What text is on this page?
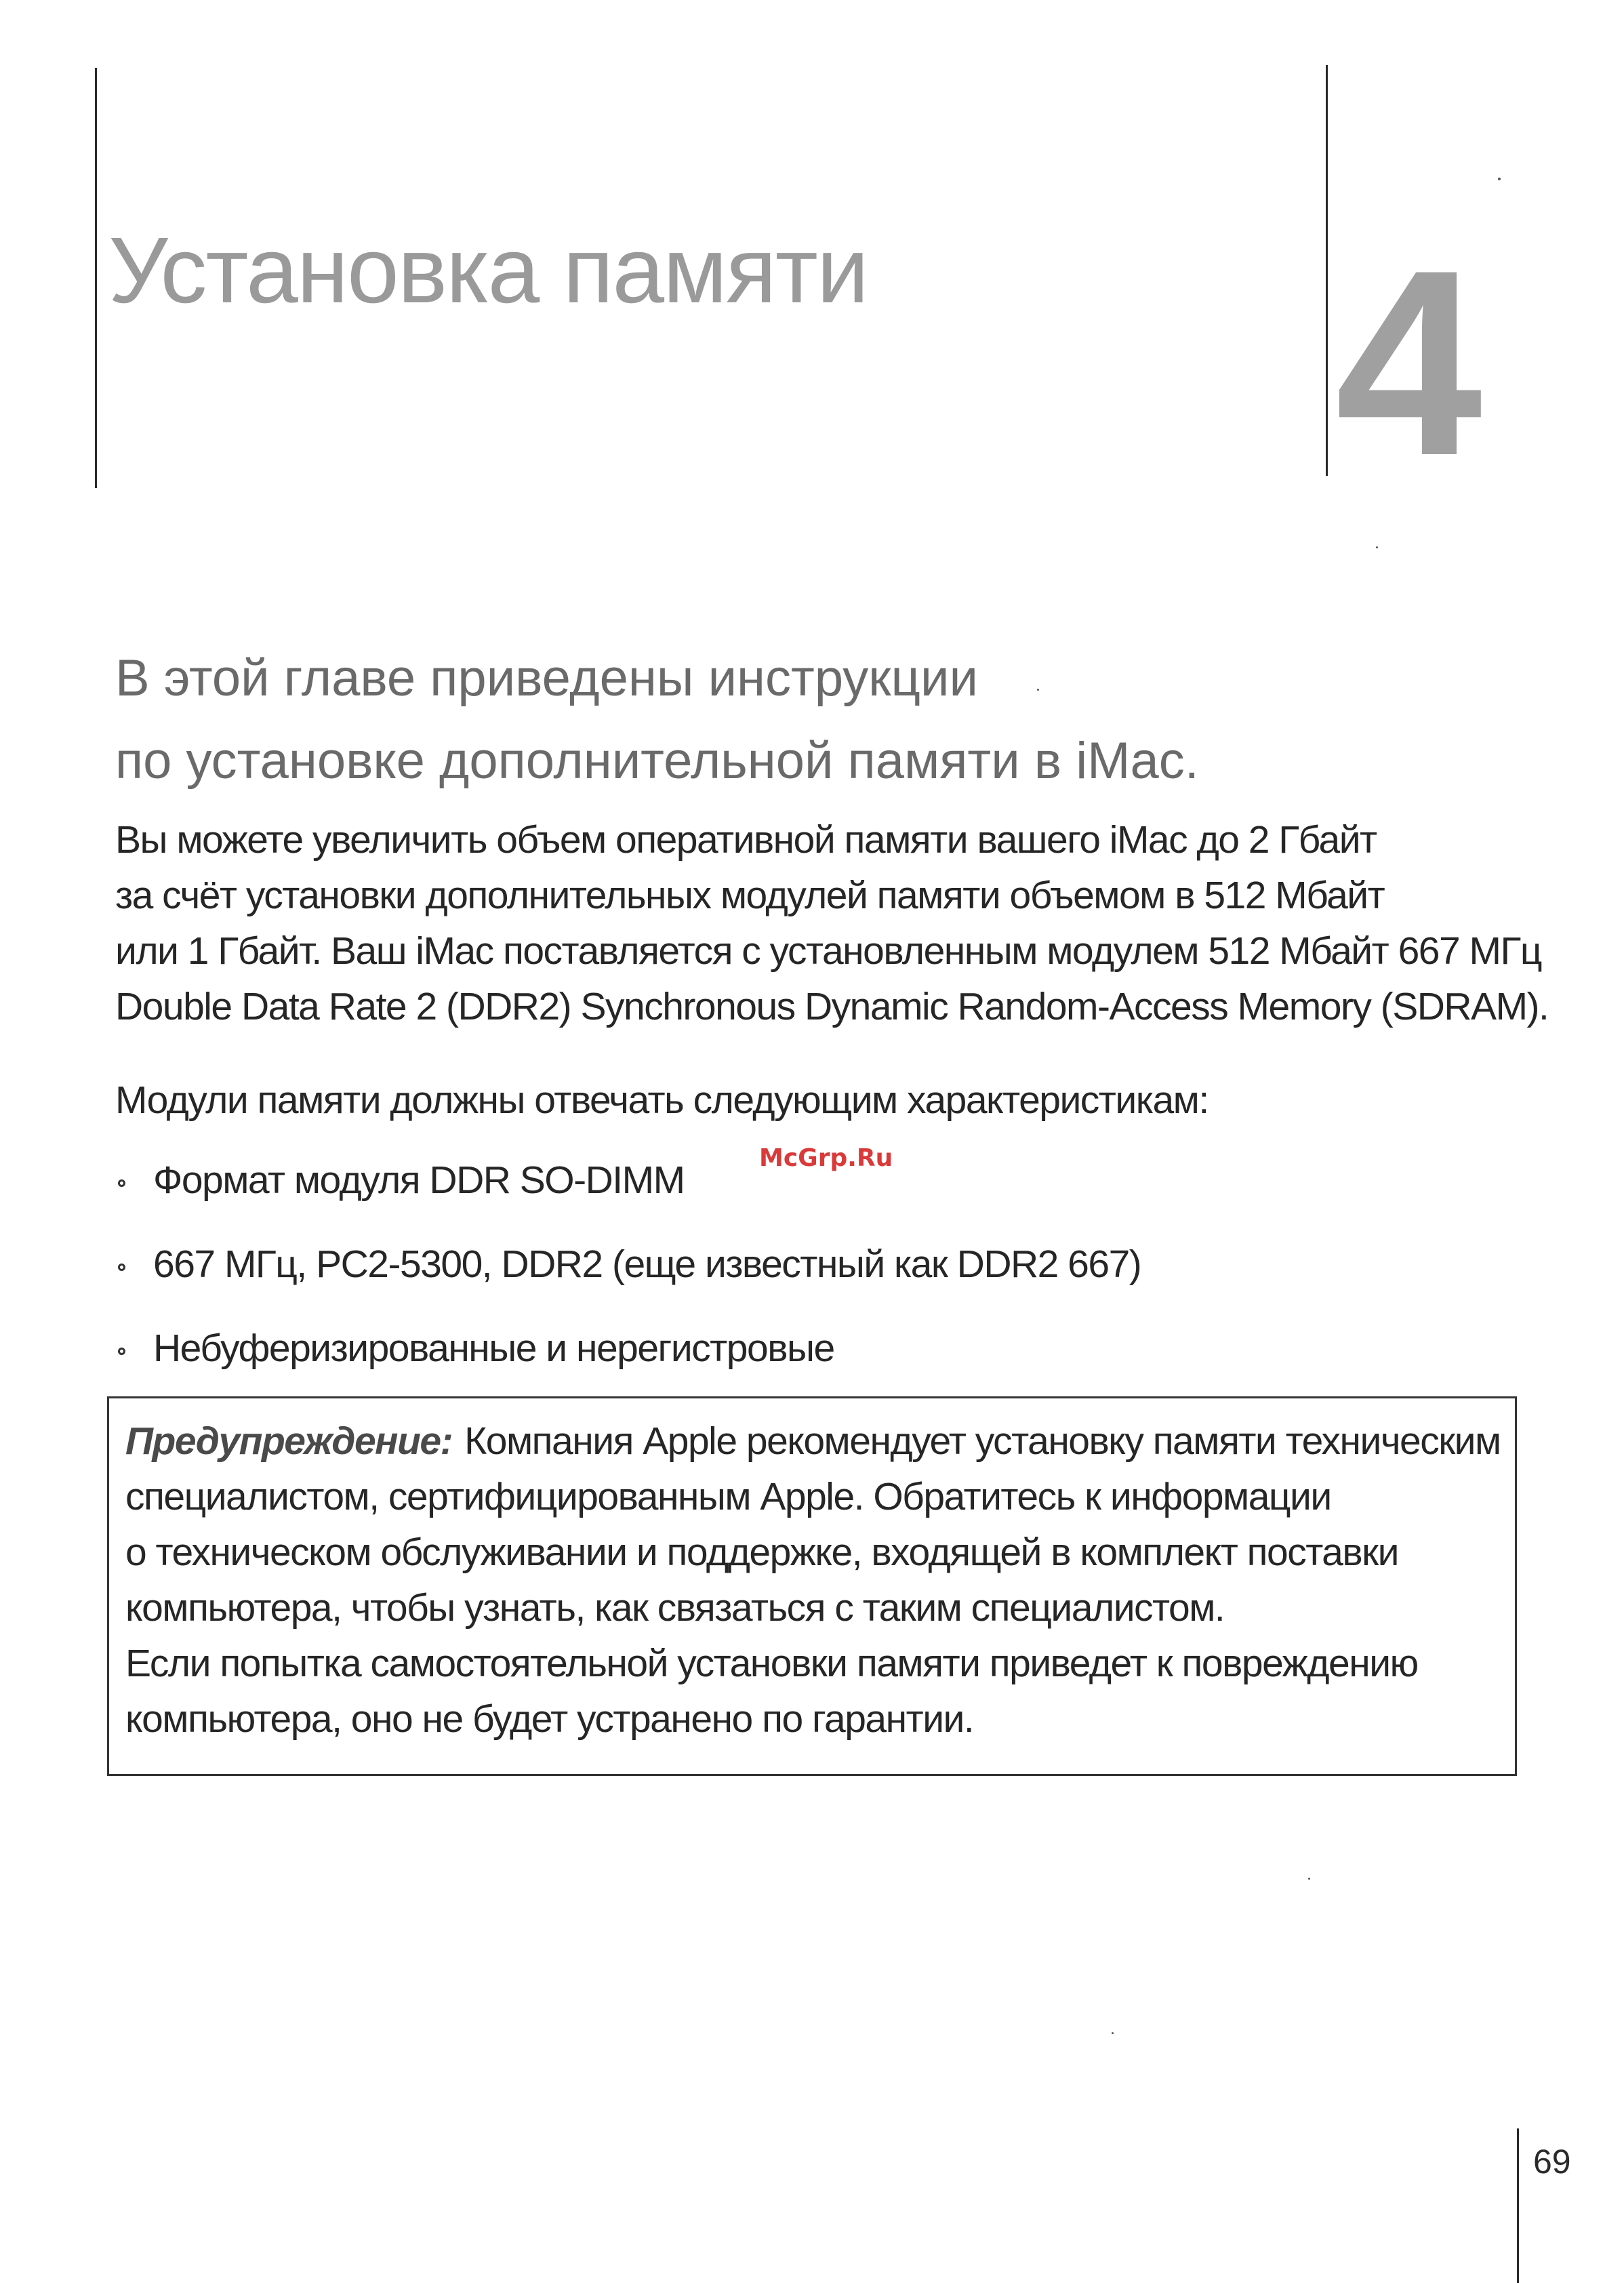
Установка памяти 4
В этой главе приведены инструкции
по установке дополнительной памяти в iMac.
Вы можете увеличить объем оперативной памяти вашего iMac до 2 Гбайт
за счёт установки дополнительных модулей памяти объемом в 512 Мбайт
или 1 Гбайт. Ваш iMac поставляется с установленным модулем 512 Мбайт 667 МГц
Double Data Rate 2 (DDR2) Synchronous Dynamic Random-Access Memory (SDRAM).

Модули памяти должны отвечать следующим характеристикам:

Формат модуля DDR SO-DIMM
667 МГц, PC2-5300, DDR2 (еще известный как DDR2 667)
Небуферизированные и нерегистровые
McGrp.Ru

Предупреждение: Компания Apple рекомендует установку памяти техническим

специалистом, сертифицированным Apple. Обратитесь к информации

о техническом обслуживании и поддержке, входящей в комплект поставки

компьютера, чтобы узнать, как связаться с таким специалистом.

Если попытка самостоятельной установки памяти приведет к повреждению

компьютера, оно не будет устранено по гарантии.

69
